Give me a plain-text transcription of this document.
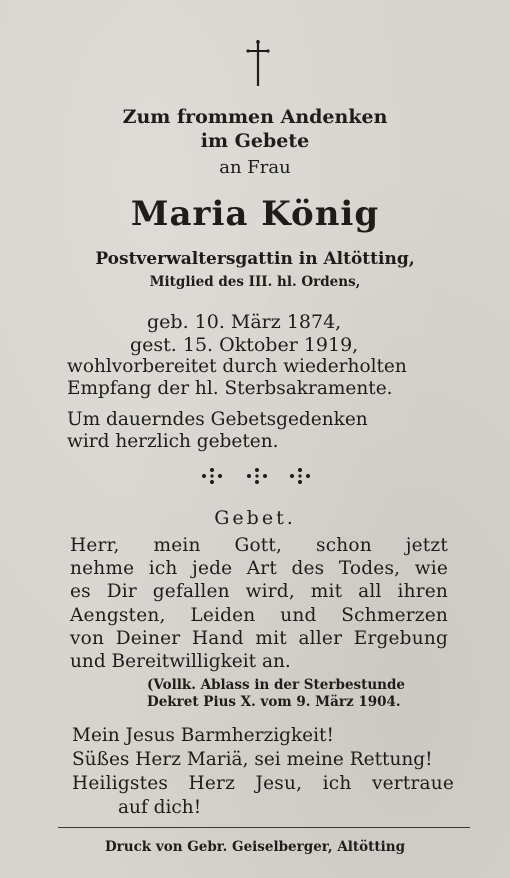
Zum frommen Andenken
im Gebete
an Frau
Maria König
Postverwaltersgattin in Altötting,
Mitglied des III. hl. Ordens,
geb. 10. März 1874,
gest. 15. Oktober 1919,
wohlvorbereitet durch wiederholten
Empfang der hl. Sterbsakramente.
Um dauerndes Gebetsgedenken
wird herzlich gebeten.
Gebet.
Herr, mein Gott, schon jetzt
nehme ich jede Art des Todes, wie
es Dir gefallen wird, mit all ihren
Aengsten, Leiden und Schmerzen
von Deiner Hand mit aller Ergebung
und Bereitwilligkeit an.
(Vollk. Ablass in der Sterbestunde
Dekret Pius X. vom 9. März 1904.
Mein Jesus Barmherzigkeit!
Süßes Herz Mariä, sei meine Rettung!
Heiligstes Herz Jesu, ich vertraue
auf dich!
Druck von Gebr. Geiselberger, Altötting
